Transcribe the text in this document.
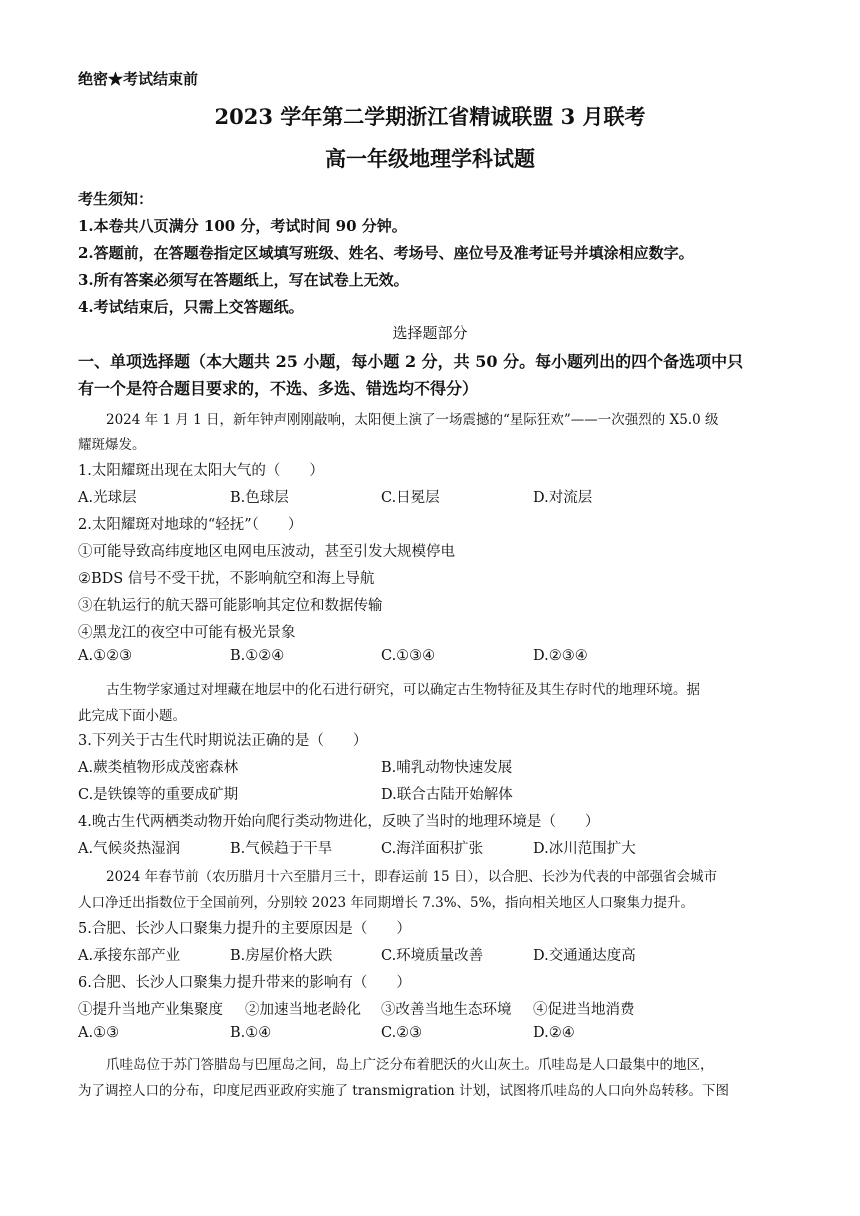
绝密★考试结束前
2023 学年第二学期浙江省精诚联盟 3 月联考
高一年级地理学科试题
考生须知：
1.本卷共八页满分 100 分，考试时间 90 分钟。
2.答题前，在答题卷指定区域填写班级、姓名、考场号、座位号及准考证号并填涂相应数字。
3.所有答案必须写在答题纸上，写在试卷上无效。
4.考试结束后，只需上交答题纸。
选择题部分
一、单项选择题（本大题共 25 小题，每小题 2 分，共 50 分。每小题列出的四个备选项中只
有一个是符合题目要求的，不选、多选、错选均不得分）
2024 年 1 月 1 日，新年钟声刚刚敲响，太阳便上演了一场震撼的“星际狂欢”——一次强烈的 X5.0 级
耀斑爆发。
1.太阳耀斑出现在太阳大气的（　　）
A.光球层	B.色球层	C.日冕层	D.对流层
2.太阳耀斑对地球的“轻抚”（　　）
①可能导致高纬度地区电网电压波动，甚至引发大规模停电
②BDS 信号不受干扰，不影响航空和海上导航
③在轨运行的航天器可能影响其定位和数据传输
④黑龙江的夜空中可能有极光景象
A.①②③	B.①②④	C.①③④	D.②③④
古生物学家通过对埋藏在地层中的化石进行研究，可以确定古生物特征及其生存时代的地理环境。据
此完成下面小题。
3.下列关于古生代时期说法正确的是（　　）
A.蕨类植物形成茂密森林	B.哺乳动物快速发展
C.是铁镍等的重要成矿期	D.联合古陆开始解体
4.晚古生代两栖类动物开始向爬行类动物进化，反映了当时的地理环境是（　　）
A.气候炎热湿润	B.气候趋于干旱	C.海洋面积扩张	D.冰川范围扩大
2024 年春节前（农历腊月十六至腊月三十，即春运前 15 日），以合肥、长沙为代表的中部强省会城市
人口净迁出指数位于全国前列，分别较 2023 年同期增长 7.3%、5%，指向相关地区人口聚集力提升。
5.合肥、长沙人口聚集力提升的主要原因是（　　）
A.承接东部产业	B.房屋价格大跌	C.环境质量改善	D.交通通达度高
6.合肥、长沙人口聚集力提升带来的影响有（　　）
①提升当地产业集聚度 ②加速当地老龄化 ③改善当地生态环境 ④促进当地消费
A.①③	B.①④	C.②③	D.②④
爪哇岛位于苏门答腊岛与巴厘岛之间，岛上广泛分布着肥沃的火山灰土。爪哇岛是人口最集中的地区，
为了调控人口的分布，印度尼西亚政府实施了 transmigration 计划，试图将爪哇岛的人口向外岛转移。下图
